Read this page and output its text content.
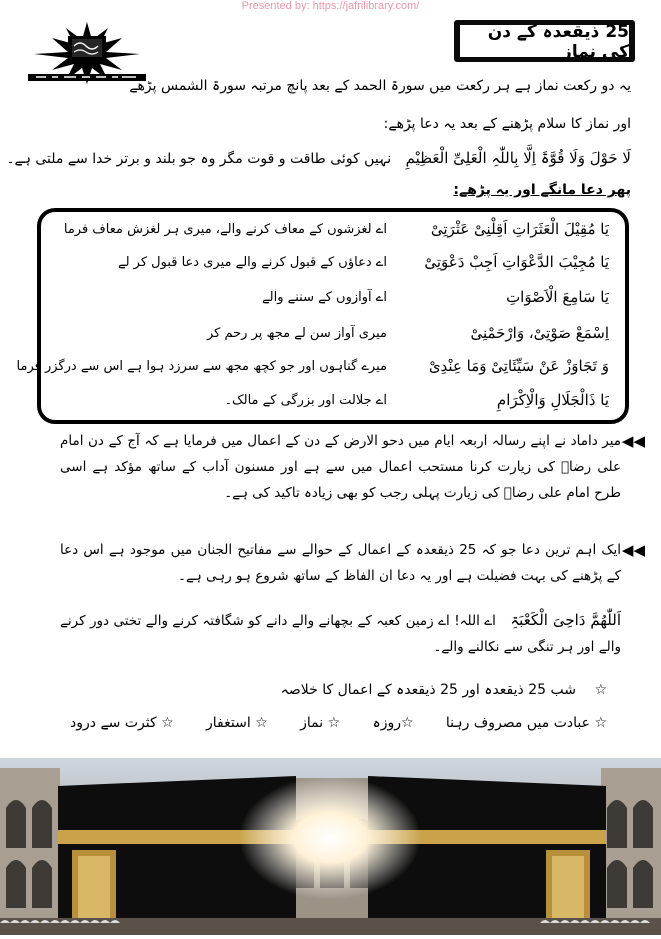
Presented by: https://jafrilibrary.com/
25 ذیقعدہ کے دن کی نماز
یہ دو رکعت نماز ہے ہر رکعت میں سورۃ الحمد کے بعد پانچ مرتبہ سورۃ الشمس پڑھے
اور نماز کا سلام پڑھنے کے بعد یہ دعا پڑھے:
لَا حَوْلَ وَلَا قُوَّۃَ اِلَّا بِاللّٰہِ الْعَلِیِّ الْعَظِیْمِ نہیں کوئی طاقت و قوت مگر وہ جو بلند و برتر خدا سے ملتی ہے۔
پھر دعا مانگے اور یہ پڑھے:
یَا مُقِیْلَ الْعَثَرَاتِ اَقِلْنِیْ عَثْرَتِیْ
اے لغزشوں کے معاف کرنے والے، میری ہر لغزش معاف فرما
یَا مُجِیْبَ الدَّعْوَاتِ اَجِبْ دَعْوَتِیْ
اے دعاؤں کے قبول کرنے والے میری دعا قبول کر لے
یَا سَامِعَ الْاَصْوَاتِ
اے آوازوں کے سننے والے
اِسْمَعْ صَوْتِیْ، وَارْحَمْنِیْ
میری آواز سن لے مجھ پر رحم کر
وَ تَجَاوَزْ عَنْ سَیِّئَاتِیْ وَمَا عِنْدِیْ
میرے گناہوں اور جو کچھ مجھ سے سرزد ہوا ہے اس سے درگزر فرما
یَا ذَالْجَلَالِ وَالْاِکْرَامِ
اے جلالت اور بزرگی کے مالک۔
◀◀
میر داماد نے اپنے رسالہ اربعہ ایام میں دحو الارض کے دن کے اعمال میں فرمایا ہے کہ آج کے دن امام علی رضاؑ کی زیارت کرنا مستحب اعمال میں سے ہے اور مسنون آداب کے ساتھ مؤکد ہے اسی طرح امام علی رضاؑ کی زیارت پہلی رجب کو بھی زیادہ تاکید کی ہے۔
◀◀
ایک اہم ترین دعا جو کہ 25 ذیقعدہ کے اعمال کے حوالے سے مفاتیح الجنان میں موجود ہے اس دعا کے پڑھنے کی بہت فضیلت ہے اور یہ دعا ان الفاظ کے ساتھ شروع ہو رہی ہے۔
اَللّٰھُمَّ دَاحِیَ الْکَعْبَۃِ اے اللہ! اے زمین کعبہ کے بچھانے والے دانے کو شگافتہ کرنے والے تختی دور کرنے والے اور ہر تنگی سے نکالنے والے۔
☆ شب 25 ذیقعدہ اور 25 ذیقعدہ کے اعمال کا خلاصہ
☆ عبادت میں مصروف رہنا
☆روزہ
☆ نماز
☆ استغفار
☆ کثرت سے درود
